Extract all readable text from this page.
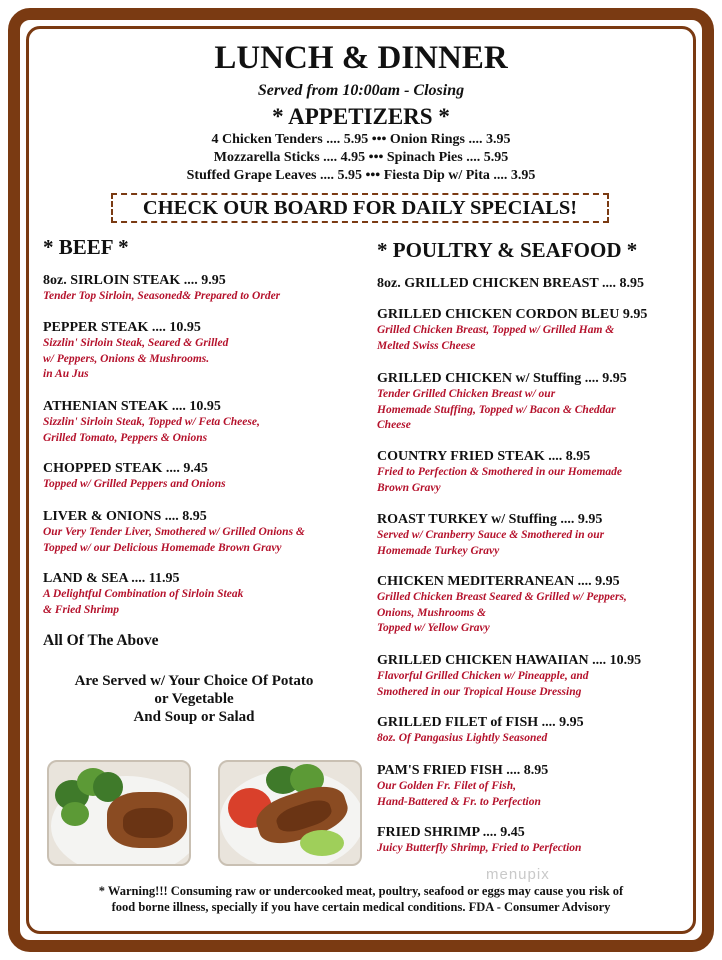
LUNCH & DINNER
Served from 10:00am - Closing
* APPETIZERS *
4 Chicken Tenders .... 5.95 ••• Onion Rings .... 3.95
Mozzarella Sticks .... 4.95 ••• Spinach Pies .... 5.95
Stuffed Grape Leaves .... 5.95 ••• Fiesta Dip w/ Pita .... 3.95
CHECK OUR BOARD FOR DAILY SPECIALS!
* BEEF *
8oz. SIRLOIN STEAK .... 9.95
Tender Top Sirloin, Seasoned& Prepared to Order
PEPPER STEAK .... 10.95
Sizzlin' Sirloin Steak, Seared & Grilled
w/ Peppers, Onions & Mushrooms.
in Au Jus
ATHENIAN STEAK .... 10.95
Sizzlin' Sirloin Steak, Topped w/ Feta Cheese,
Grilled Tomato, Peppers & Onions
CHOPPED STEAK .... 9.45
Topped w/ Grilled Peppers and Onions
LIVER & ONIONS .... 8.95
Our Very Tender Liver, Smothered w/ Grilled Onions &
Topped w/ our Delicious Homemade Brown Gravy
LAND & SEA .... 11.95
A Delightful Combination of Sirloin Steak
& Fried Shrimp
All Of The Above
Are Served w/ Your Choice Of Potato
or Vegetable
And Soup or Salad
* POULTRY & SEAFOOD *
8oz. GRILLED CHICKEN BREAST .... 8.95
GRILLED CHICKEN CORDON BLEU 9.95
Grilled Chicken Breast, Topped w/ Grilled Ham &
Melted Swiss Cheese
GRILLED CHICKEN w/ Stuffing .... 9.95
Tender Grilled Chicken Breast w/ our
Homemade Stuffing, Topped w/ Bacon & Cheddar
Cheese
COUNTRY FRIED STEAK .... 8.95
Fried to Perfection & Smothered in our Homemade
Brown Gravy
ROAST TURKEY w/ Stuffing .... 9.95
Served w/ Cranberry Sauce & Smothered in our
Homemade Turkey Gravy
CHICKEN MEDITERRANEAN .... 9.95
Grilled Chicken Breast Seared & Grilled w/ Peppers,
Onions, Mushrooms &
Topped w/ Yellow Gravy
GRILLED CHICKEN HAWAIIAN .... 10.95
Flavorful Grilled Chicken w/ Pineapple, and
Smothered in our Tropical House Dressing
GRILLED FILET of FISH .... 9.95
8oz. Of Pangasius Lightly Seasoned
PAM'S FRIED FISH .... 8.95
Our Golden Fr. Filet of Fish,
Hand-Battered & Fr. to Perfection
FRIED SHRIMP .... 9.45
Juicy Butterfly Shrimp, Fried to Perfection
menupix
* Warning!!! Consuming raw or undercooked meat, poultry, seafood or eggs may cause you risk of
food borne illness, specially if you have certain medical conditions. FDA - Consumer Advisory
